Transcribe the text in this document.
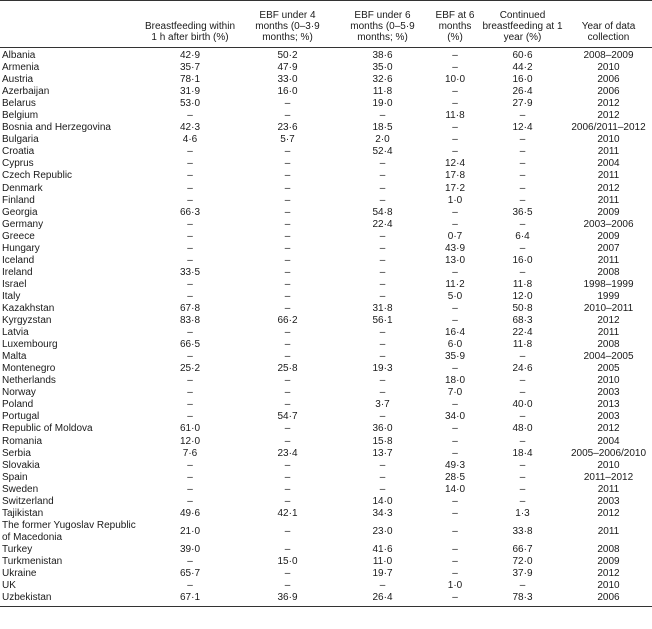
	Breastfeeding within 1 h after birth (%)	EBF under 4 months (0–3·9 months; %)	EBF under 6 months (0–5·9 months; %)	EBF at 6 months (%)	Continued breastfeeding at 1 year (%)	Year of data collection
Albania	42·9	50·2	38·6	–	60·6	2008–2009
Armenia	35·7	47·9	35·0	–	44·2	2010
Austria	78·1	33·0	32·6	10·0	16·0	2006
Azerbaijan	31·9	16·0	11·8	–	26·4	2006
Belarus	53·0	–	19·0	–	27·9	2012
Belgium	–	–	–	11·8	–	2012
Bosnia and Herzegovina	42·3	23·6	18·5	–	12·4	2006/2011–2012
Bulgaria	4·6	5·7	2·0	–	–	2010
Croatia	–	–	52·4	–	–	2011
Cyprus	–	–	–	12·4	–	2004
Czech Republic	–	–	–	17·8	–	2011
Denmark	–	–	–	17·2	–	2012
Finland	–	–	–	1·0	–	2011
Georgia	66·3	–	54·8	–	36·5	2009
Germany	–	–	22·4	–	–	2003–2006
Greece	–	–	–	0·7	6·4	2009
Hungary	–	–	–	43·9	–	2007
Iceland	–	–	–	13·0	16·0	2011
Ireland	33·5	–	–	–	–	2008
Israel	–	–	–	11·2	11·8	1998–1999
Italy	–	–	–	5·0	12·0	1999
Kazakhstan	67·8	–	31·8	–	50·8	2010–2011
Kyrgyzstan	83·8	66·2	56·1	–	68·3	2012
Latvia	–	–	–	16·4	22·4	2011
Luxembourg	66·5	–	–	6·0	11·8	2008
Malta	–	–	–	35·9	–	2004–2005
Montenegro	25·2	25·8	19·3	–	24·6	2005
Netherlands	–	–	–	18·0	–	2010
Norway	–	–	–	7·0	–	2003
Poland	–	–	3·7	–	40·0	2013
Portugal	–	54·7	–	34·0	–	2003
Republic of Moldova	61·0	–	36·0	–	48·0	2012
Romania	12·0	–	15·8	–	–	2004
Serbia	7·6	23·4	13·7	–	18·4	2005–2006/2010
Slovakia	–	–	–	49·3	–	2010
Spain	–	–	–	28·5	–	2011–2012
Sweden	–	–	–	14·0	–	2011
Switzerland	–	–	14·0	–	–	2003
Tajikistan	49·6	42·1	34·3	–	1·3	2012
The former Yugoslav Republic of Macedonia	21·0	–	23·0	–	33·8	2011
Turkey	39·0	–	41·6	–	66·7	2008
Turkmenistan	–	15·0	11·0	–	72·0	2009
Ukraine	65·7	–	19·7	–	37·9	2012
UK	–	–	–	1·0	–	2010
Uzbekistan	67·1	36·9	26·4	–	78·3	2006
